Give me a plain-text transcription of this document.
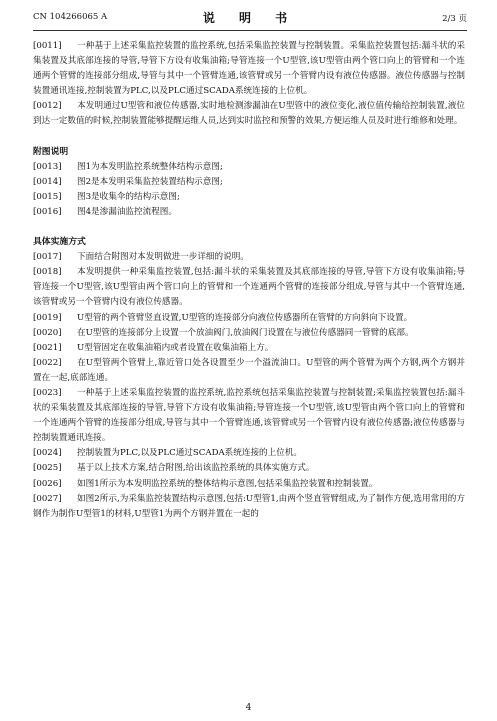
CN 104266065 A	说 明 书	2/3 页

[0011] 一种基于上述采集监控装置的监控系统,包括采集监控装置与控制装置。采集监控装置包括:漏斗状的采集装置及其底部连接的导管,导管下方设有收集油箱;导管连接一个U型管,该U型管由两个管口向上的管臂和一个连通两个管臂的连接部分组成,导管与其中一个管臂连通,该管臂或另一个管臂内设有液位传感器。液位传感器与控制装置通讯连接,控制装置为PLC,以及PLC通过SCADA系统连接的上位机。

[0012] 本发明通过U型管和液位传感器,实时地检测渗漏油在U型管中的液位变化,液位值传输给控制装置,液位到达一定数值的时候,控制装置能够提醒运维人员,达到实时监控和预警的效果,方便运维人员及时进行维修和处理。

附图说明

[0013] 图1为本发明监控系统整体结构示意图;

[0014] 图2是本发明采集监控装置结构示意图;

[0015] 图3是收集伞的结构示意图;

[0016] 图4是渗漏油监控流程图。

具体实施方式

[0017] 下面结合附图对本发明做进一步详细的说明。

[0018] 本发明提供一种采集监控装置,包括:漏斗状的采集装置及其底部连接的导管,导管下方设有收集油箱;导管连接一个U型管,该U型管由两个管口向上的管臂和一个连通两个管臂的连接部分组成,导管与其中一个管臂连通,该管臂或另一个管臂内设有液位传感器。

[0019] U型管的两个管臂竖直设置,U型管的连接部分向液位传感器所在管臂的方向斜向下设置。

[0020] 在U型管的连接部分上设置一个放油阀门,放油阀门设置在与液位传感器同一管臂的底部。

[0021] U型管固定在收集油箱内或者设置在收集油箱上方。

[0022] 在U型管两个管臂上,靠近管口处各设置至少一个溢流油口。U型管的两个管臂为两个方钢,两个方钢并置在一起,底部连通。

[0023] 一种基于上述采集监控装置的监控系统,监控系统包括采集监控装置与控制装置;采集监控装置包括:漏斗状的采集装置及其底部连接的导管,导管下方设有收集油箱;导管连接一个U型管,该U型管由两个管口向上的管臂和一个连通两个管臂的连接部分组成,导管与其中一个管臂连通,该管臂或另一个管臂内设有液位传感器;液位传感器与控制装置通讯连接。

[0024] 控制装置为PLC,以及PLC通过SCADA系统连接的上位机。

[0025] 基于以上技术方案,结合附图,给出该监控系统的具体实施方式。

[0026] 如图1所示为本发明监控系统的整体结构示意图,包括采集监控装置和控制装置。

[0027] 如图2所示,为采集监控装置结构示意图,包括:U型管1,由两个竖直管臂组成,为了制作方便,选用常用的方钢作为制作U型管1的材料,U型管1为两个方钢并置在一起的

4
